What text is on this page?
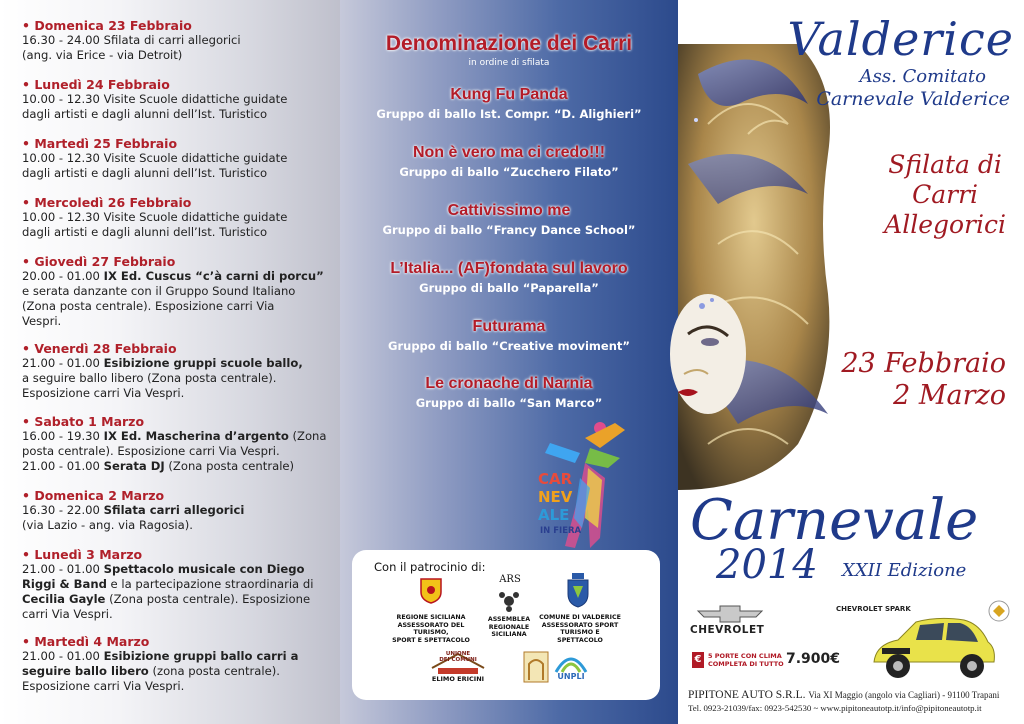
• Domenica 23 Febbraio
16.30 - 24.00 Sfilata di carri allegorici
(ang. via Erice - via Detroit)
• Lunedì 24 Febbraio
10.00 - 12.30 Visite Scuole didattiche guidate
dagli artisti e dagli alunni dell’Ist. Turistico
• Martedì 25 Febbraio
10.00 - 12.30 Visite Scuole didattiche guidate
dagli artisti e dagli alunni dell’Ist. Turistico
• Mercoledì 26 Febbraio
10.00 - 12.30 Visite Scuole didattiche guidate
dagli artisti e dagli alunni dell’Ist. Turistico
• Giovedì 27 Febbraio
20.00 - 01.00 IX Ed. Cuscus “c’à carni di porcu”
e serata danzante con il Gruppo Sound Italiano
(Zona posta centrale). Esposizione carri Via
Vespri.
• Venerdì 28 Febbraio
21.00 - 01.00 Esibizione gruppi scuole ballo,
a seguire ballo libero (Zona posta centrale).
Esposizione carri Via Vespri.
• Sabato 1 Marzo
16.00 - 19.30 IX Ed. Mascherina d’argento (Zona
posta centrale). Esposizione carri Via Vespri.
21.00 - 01.00 Serata DJ (Zona posta centrale)
• Domenica 2 Marzo
16.30 - 22.00 Sfilata carri allegorici
(via Lazio - ang. via Ragosia).
• Lunedì 3 Marzo
21.00 - 01.00 Spettacolo musicale con Diego
Riggi & Band e la partecipazione straordinaria di
Cecilia Gayle (Zona posta centrale). Esposizione
carri Via Vespri.
• Martedì 4 Marzo
21.00 - 01.00 Esibizione gruppi ballo carri a
seguire ballo libero (zona posta centrale).
Esposizione carri Via Vespri.
Denominazione dei Carri
in ordine di sfilata
Kung Fu Panda
Gruppo di ballo Ist. Compr. “D. Alighieri”
Non è vero ma ci credo!!!
Gruppo di ballo “Zucchero Filato”
Cattivissimo me
Gruppo di ballo “Francy Dance School”
L’Italia... (AF)fondata sul lavoro
Gruppo di ballo “Paparella”
Futurama
Gruppo di ballo “Creative moviment”
Le cronache di Narnia
Gruppo di ballo “San Marco”
CAR
NEV
ALE
IN FIERA
Con il patrocinio di:
REGIONE SICILIANA
ASSESSORATO DEL TURISMO,
SPORT E SPETTACOLO
ARS
ASSEMBLEA
REGIONALE
SICILIANA
COMUNE DI VALDERICE
ASSESSORATO SPORT
TURISMO E SPETTACOLO
UNIONE
DEI COMUNI
ELIMO ERICINI	UNPLI
Valderice
Ass. Comitato
Carnevale Valderice
Sfilata di
Carri
Allegorici
23 Febbraio
2 Marzo
Carnevale
2014 XXII Edizione
CHEVROLET
CHEVROLET SPARK
€	5 PORTE CON CLIMA
COMPLETA DI TUTTO 7.900€
PIPITONE AUTO S.R.L. Via XI Maggio (angolo via Cagliari) - 91100 Trapani
Tel. 0923-21039/fax: 0923-542530 ~ www.pipitoneautotp.it/info@pipitoneautotp.it
